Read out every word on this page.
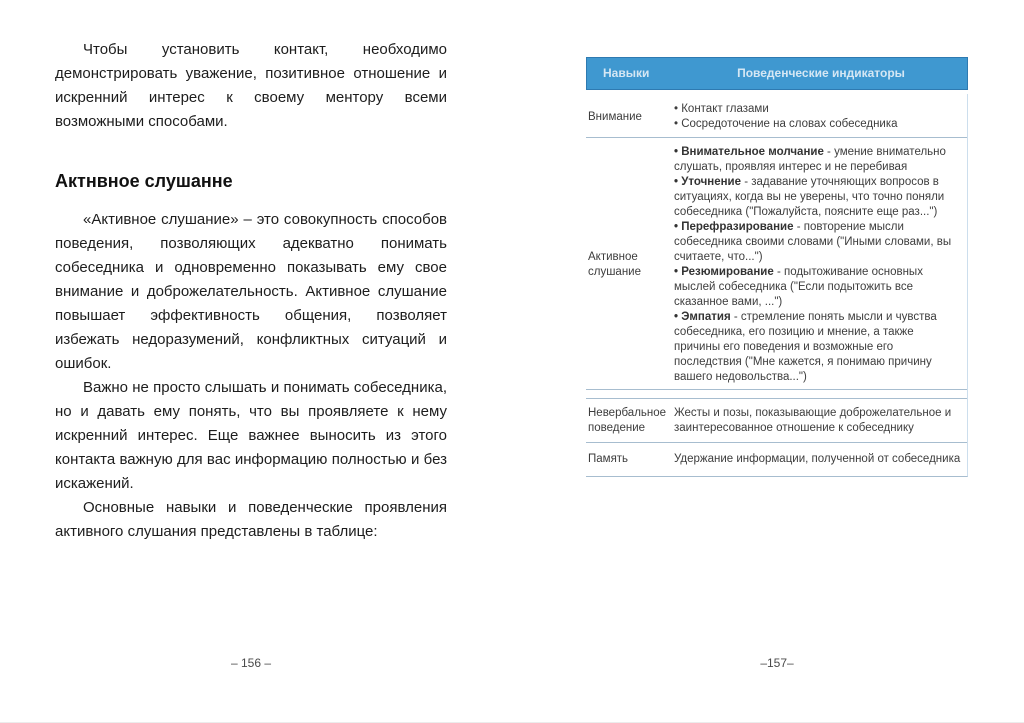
Чтобы установить контакт, необходимо демонстрировать уважение, позитивное отношение и искренний интерес к своему ментору всеми возможными способами.

Актнвное слушанне

«Активное слушание» – это совокупность способов поведения, позволяющих адекватно понимать собеседника и одновременно показывать ему свое внимание и доброжелательность. Активное слушание повышает эффективность общения, позволяет избежать недоразумений, конфликтных ситуаций и ошибок.

Важно не просто слышать и понимать собеседника, но и давать ему понять, что вы проявляете к нему искренний интерес. Еще важнее выносить из этого контакта важную для вас информацию полностью и без искажений.

Основные навыки и поведенческие проявления активного слушания представлены в таблице:

– 156 –
Навыки	Поведенческие индикаторы
Внимание
• Контакт глазами
• Сосредоточение на словах собеседника
Активное слушание
• Внимательное молчание - умение внимательно слушать, проявляя интерес и не перебивая
• Уточнение - задавание уточняющих вопросов в ситуациях, когда вы не уверены, что точно поняли собеседника ("Пожалуйста, поясните еще раз...")
• Перефразирование - повторение мысли собеседника своими словами ("Иными словами, вы считаете, что...")
• Резюмирование - подытоживание основных мыслей собеседника ("Если подытожить все сказанное вами, ...")
• Эмпатия - стремление понять мысли и чувства собеседника, его позицию и мнение, а также причины его поведения и возможные его последствия ("Мне кажется, я понимаю причину вашего недовольства...")
Невербальное поведение
Жесты и позы, показывающие доброжелательное и заинтересованное отношение к собеседнику
Память	Удержание информации, полученной от собеседника
–157–
